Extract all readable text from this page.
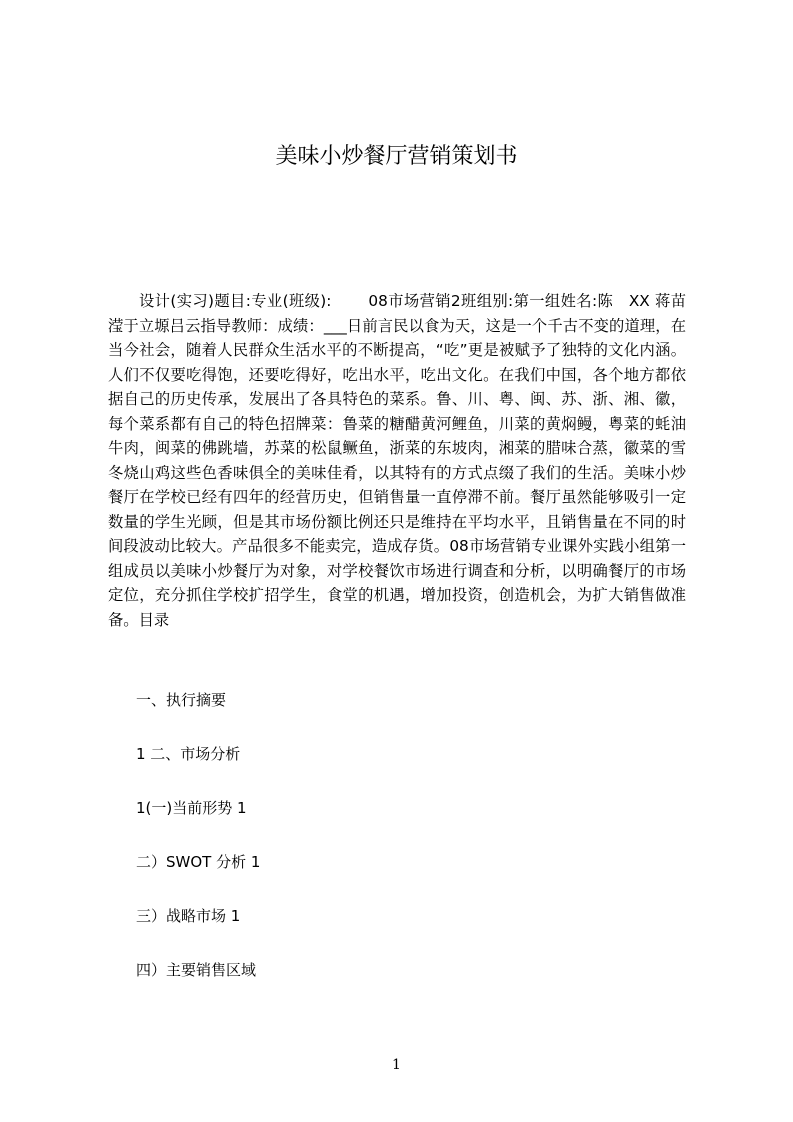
美味小炒餐厅营销策划书

设计(实习)题目:专业(班级):　　 08市场营销2班组别:第一组姓名:陈　XX 蒋苗滢于立塬吕云指导教师：成绩：___日前言民以食为天，这是一个千古不变的道理，在当今社会，随着人民群众生活水平的不断提高，“吃”更是被赋予了独特的文化内涵。人们不仅要吃得饱，还要吃得好，吃出水平，吃出文化。在我们中国，各个地方都依据自己的历史传承，发展出了各具特色的菜系。鲁、川、粤、闽、苏、浙、湘、徽，每个菜系都有自己的特色招牌菜：鲁菜的糖醋黄河鲤鱼，川菜的黄焖鳗，粤菜的蚝油牛肉，闽菜的佛跳墙，苏菜的松鼠鳜鱼，浙菜的东坡肉，湘菜的腊味合蒸，徽菜的雪冬烧山鸡这些色香味俱全的美味佳肴，以其特有的方式点缀了我们的生活。美味小炒餐厅在学校已经有四年的经营历史，但销售量一直停滞不前。餐厅虽然能够吸引一定数量的学生光顾，但是其市场份额比例还只是维持在平均水平，且销售量在不同的时间段波动比较大。产品很多不能卖完，造成存货。08市场营销专业课外实践小组第一组成员以美味小炒餐厅为对象，对学校餐饮市场进行调查和分析，以明确餐厅的市场定位，充分抓住学校扩招学生，食堂的机遇，增加投资，创造机会，为扩大销售做准备。目录

一、执行摘要

1 二、市场分析

1(一)当前形势 1

二）SWOT 分析 1

三）战略市场 1

四）主要销售区域

1
